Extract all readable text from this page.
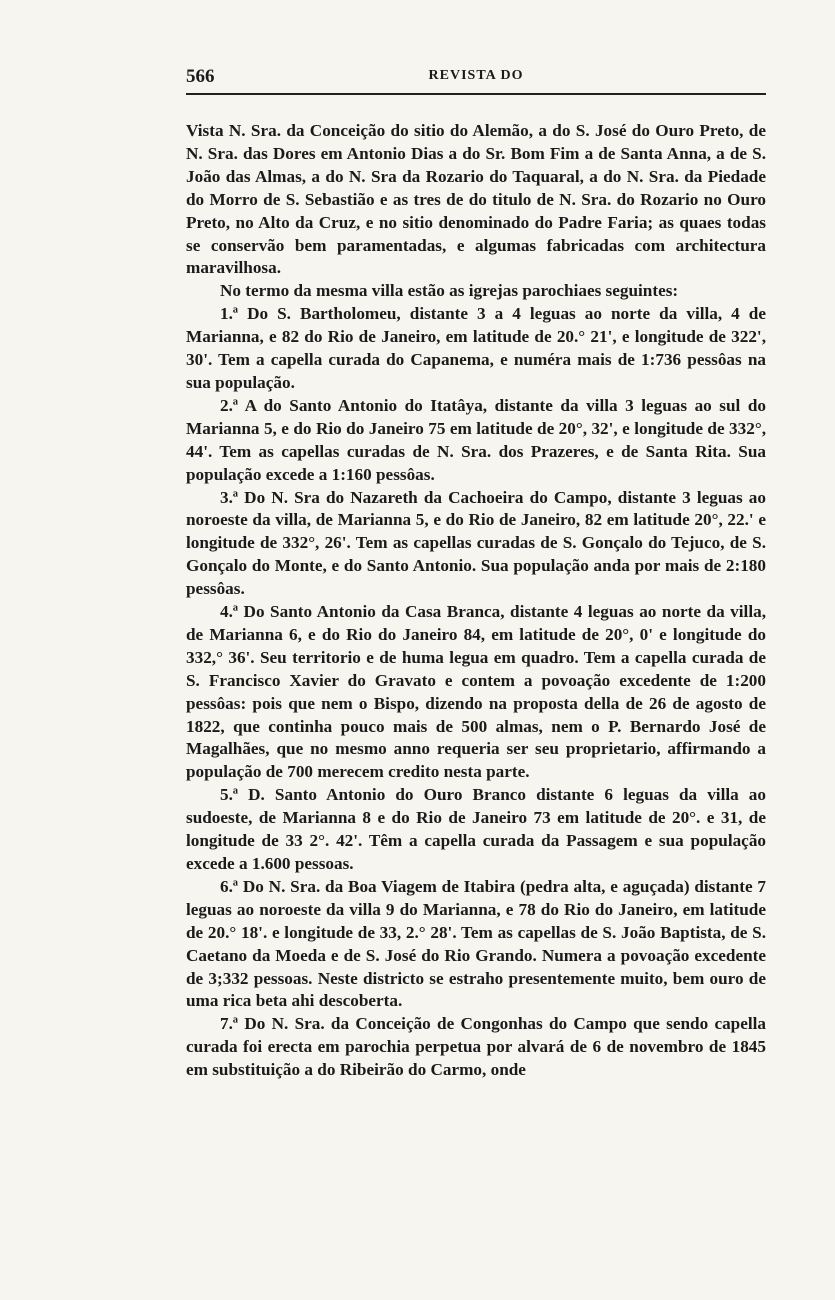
566	REVISTA DO

Vista N. Sra. da Conceição do sitio do Alemão, a do S. José do Ouro Preto, de N. Sra. das Dores em Antonio Dias a do Sr. Bom Fim a de Santa Anna, a de S. João das Almas, a do N. Sra da Rozario do Taquaral, a do N. Sra. da Piedade do Morro de S. Sebastião e as tres de do titulo de N. Sra. do Rozario no Ouro Preto, no Alto da Cruz, e no sitio denominado do Padre Faria; as quaes todas se conservão bem paramentadas, e algumas fabricadas com architectura maravilhosa.

No termo da mesma villa estão as igrejas parochiaes seguintes:

1.ª Do S. Bartholomeu, distante 3 a 4 leguas ao norte da villa, 4 de Marianna, e 82 do Rio de Janeiro, em latitude de 20.° 21', e longitude de 322', 30'. Tem a capella curada do Capanema, e numéra mais de 1:736 pessôas na sua população.

2.ª A do Santo Antonio do Itatâya, distante da villa 3 leguas ao sul do Marianna 5, e do Rio do Janeiro 75 em latitude de 20°, 32', e longitude de 332°, 44'. Tem as capellas curadas de N. Sra. dos Prazeres, e de Santa Rita. Sua população excede a 1:160 pessôas.

3.ª Do N. Sra do Nazareth da Cachoeira do Campo, distante 3 leguas ao noroeste da villa, de Marianna 5, e do Rio de Janeiro, 82 em latitude 20°, 22.' e longitude de 332°, 26'. Tem as capellas curadas de S. Gonçalo do Tejuco, de S. Gonçalo do Monte, e do Santo Antonio. Sua população anda por mais de 2:180 pessôas.

4.ª Do Santo Antonio da Casa Branca, distante 4 leguas ao norte da villa, de Marianna 6, e do Rio do Janeiro 84, em latitude de 20°, 0' e longitude do 332,° 36'. Seu territorio e de huma legua em quadro. Tem a capella curada de S. Francisco Xavier do Gravato e contem a povoação excedente de 1:200 pessôas: pois que nem o Bispo, dizendo na proposta della de 26 de agosto de 1822, que continha pouco mais de 500 almas, nem o P. Bernardo José de Magalhães, que no mesmo anno requeria ser seu proprietario, affirmando a população de 700 merecem credito nesta parte.

5.ª D. Santo Antonio do Ouro Branco distante 6 leguas da villa ao sudoeste, de Marianna 8 e do Rio de Janeiro 73 em latitude de 20°. e 31, de longitude de 33 2°. 42'. Têm a capella curada da Passagem e sua população excede a 1.600 pessoas.

6.ª Do N. Sra. da Boa Viagem de Itabira (pedra alta, e aguçada) distante 7 leguas ao noroeste da villa 9 do Marianna, e 78 do Rio do Janeiro, em latitude de 20.° 18'. e longitude de 33, 2.° 28'. Tem as capellas de S. João Baptista, de S. Caetano da Moeda e de S. José do Rio Grando. Numera a povoação excedente de 3;332 pessoas. Neste districto se estraho presentemente muito, bem ouro de uma rica beta ahi descoberta.

7.ª Do N. Sra. da Conceição de Congonhas do Campo que sendo capella curada foi erecta em parochia perpetua por alvará de 6 de novembro de 1845 em substituição a do Ribeirão do Carmo, onde
